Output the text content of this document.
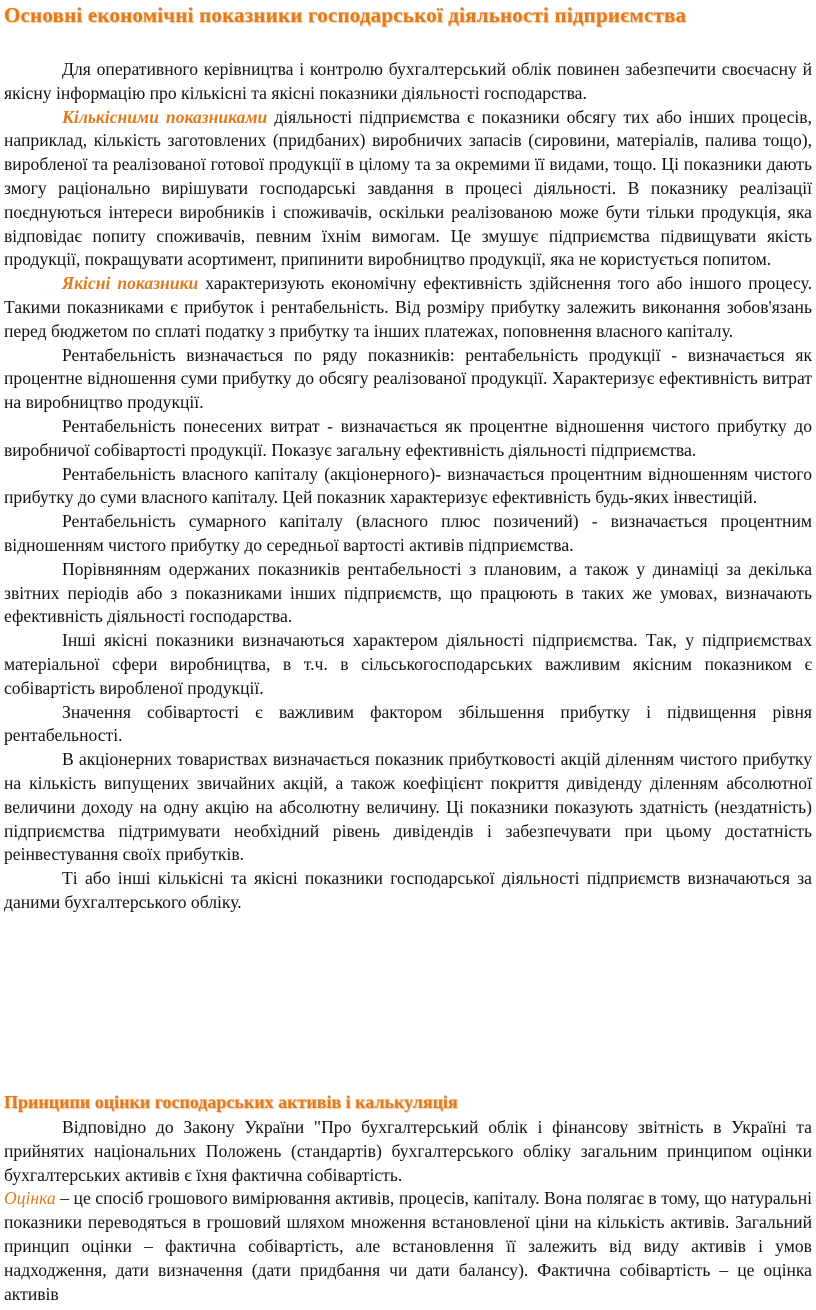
Основні економічні показники господарської діяльності підприємства

Для оперативного керівництва і контролю бухгалтерський облік повинен забезпечити своєчасну й якісну інформацію про кількісні та якісні показники діяльності господарства.

Кількісними показниками діяльності підприємства є показники обсягу тих або інших процесів, наприклад, кількість заготовлених (придбаних) виробничих запасів (сировини, матеріалів, палива тощо), виробленої та реалізованої готової продукції в цілому та за окремими її видами, тощо. Ці показники дають змогу раціонально вирішувати господарські завдання в процесі діяльності. В показнику реалізації поєднуються інтереси виробників і споживачів, оскільки реалізованою може бути тільки продукція, яка відповідає попиту споживачів, певним їхнім вимогам. Це змушує підприємства підвищувати якість продукції, покращувати асортимент, припинити виробництво продукції, яка не користується попитом.

Якісні показники характеризують економічну ефективність здійснення того або іншого процесу. Такими показниками є прибуток і рентабельність. Від розміру прибутку залежить виконання зобов'язань перед бюджетом по сплаті податку з прибутку та інших платежах, поповнення власного капіталу.

Рентабельність визначається по ряду показників: рентабельність продукції - визначається як процентне відношення суми прибутку до обсягу реалізованої продукції. Характеризує ефективність витрат на виробництво продукції.

Рентабельність понесених витрат - визначається як процентне відношення чистого прибутку до виробничої собівартості продукції. Показує загальну ефективність діяльності підприємства.

Рентабельність власного капіталу (акціонерного)- визначається процентним відношенням чистого прибутку до суми власного капіталу. Цей показник характеризує ефективність будь-яких інвестицій.

Рентабельність сумарного капіталу (власного плюс позичений) - визначається процентним відношенням чистого прибутку до середньої вартості активів підприємства.

Порівнянням одержаних показників рентабельності з плановим, а також у динаміці за декілька звітних періодів або з показниками інших підприємств, що працюють в таких же умовах, визначають ефективність діяльності господарства.

Інші якісні показники визначаються характером діяльності підприємства. Так, у підприємствах матеріальної сфери виробництва, в т.ч. в сільськогосподарських важливим якісним показником є собівартість виробленої продукції.

Значення собівартості є важливим фактором збільшення прибутку і підвищення рівня рентабельності.

В акціонерних товариствах визначається показник прибутковості акцій діленням чистого прибутку на кількість випущених звичайних акцій, а також коефіцієнт покриття дивіденду діленням абсолютної величини доходу на одну акцію на абсолютну величину. Ці показники показують здатність (нездатність) підприємства підтримувати необхідний рівень дивідендів і забезпечувати при цьому достатність реінвестування своїх прибутків.

Ті або інші кількісні та якісні показники господарської діяльності підприємств визначаються за даними бухгалтерського обліку.

Принципи оцінки господарських активів і калькуляція

Відповідно до Закону України "Про бухгалтерський облік і фінансову звітність в Україні та прийнятих національних Положень (стандартів) бухгалтерського обліку загальним принципом оцінки бухгалтерських активів є їхня фактична собівартість.

Оцінка – це спосіб грошового вимірювання активів, процесів, капіталу. Вона полягає в тому, що натуральні показники переводяться в грошовий шляхом множення встановленої ціни на кількість активів. Загальний принцип оцінки – фактична собівартість, але встановлення її залежить від виду активів і умов надходження, дати визначення (дати придбання чи дати балансу). Фактична собівартість – це оцінка активів
